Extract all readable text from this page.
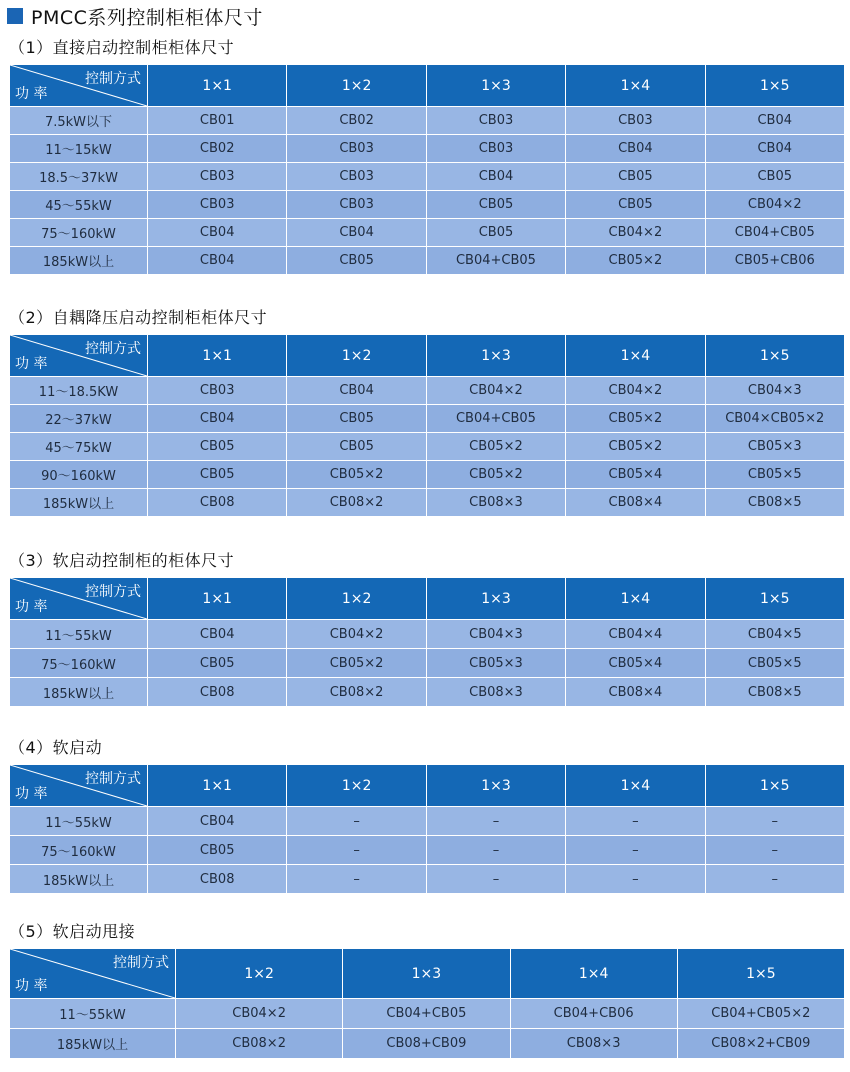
PMCC系列控制柜柜体尺寸
（1）直接启动控制柜柜体尺寸
控制方式
功 率	1×1	1×2	1×3	1×4	1×5
7.5kW以下	CB01	CB02	CB03	CB03	CB04
11～15kW	CB02	CB03	CB03	CB04	CB04
18.5～37kW	CB03	CB03	CB04	CB05	CB05
45～55kW	CB03	CB03	CB05	CB05	CB04×2
75～160kW	CB04	CB04	CB05	CB04×2	CB04+CB05
185kW以上	CB04	CB05	CB04+CB05	CB05×2	CB05+CB06
（2）自耦降压启动控制柜柜体尺寸
控制方式
功 率	1×1	1×2	1×3	1×4	1×5
11～18.5KW	CB03	CB04	CB04×2	CB04×2	CB04×3
22～37kW	CB04	CB05	CB04+CB05	CB05×2	CB04×CB05×2
45～75kW	CB05	CB05	CB05×2	CB05×2	CB05×3
90～160kW	CB05	CB05×2	CB05×2	CB05×4	CB05×5
185kW以上	CB08	CB08×2	CB08×3	CB08×4	CB08×5
（3）软启动控制柜的柜体尺寸
控制方式
功 率	1×1	1×2	1×3	1×4	1×5
11～55kW	CB04	CB04×2	CB04×3	CB04×4	CB04×5
75～160kW	CB05	CB05×2	CB05×3	CB05×4	CB05×5
185kW以上	CB08	CB08×2	CB08×3	CB08×4	CB08×5
（4）软启动
控制方式
功 率	1×1	1×2	1×3	1×4	1×5
11～55kW	CB04	–	–	–	–
75～160kW	CB05	–	–	–	–
185kW以上	CB08	–	–	–	–
（5）软启动甩接
控制方式
功 率	1×2	1×3	1×4	1×5
11～55kW	CB04×2	CB04+CB05	CB04+CB06	CB04+CB05×2
185kW以上	CB08×2	CB08+CB09	CB08×3	CB08×2+CB09
